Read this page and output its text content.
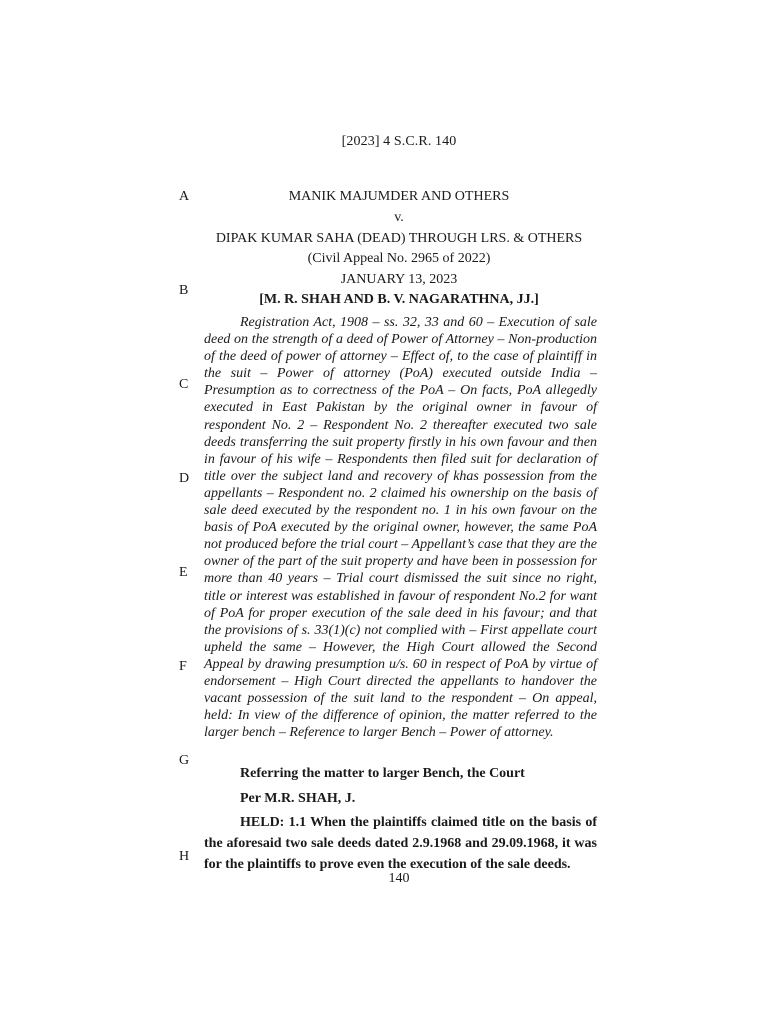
[2023] 4 S.C.R. 140
A
B
C
D
E
F
G
H
MANIK MAJUMDER AND OTHERS
v.
DIPAK KUMAR SAHA (DEAD) THROUGH LRS. & OTHERS
(Civil Appeal No. 2965 of 2022)
JANUARY 13, 2023
[M. R. SHAH AND B. V. NAGARATHNA, JJ.]
Registration Act, 1908 – ss. 32, 33 and 60 – Execution of sale deed on the strength of a deed of Power of Attorney – Non-production of the deed of power of attorney – Effect of, to the case of plaintiff in the suit – Power of attorney (PoA) executed outside India – Presumption as to correctness of the PoA – On facts, PoA allegedly executed in East Pakistan by the original owner in favour of respondent No. 2 – Respondent No. 2 thereafter executed two sale deeds transferring the suit property firstly in his own favour and then in favour of his wife – Respondents then filed suit for declaration of title over the subject land and recovery of khas possession from the appellants – Respondent no. 2 claimed his ownership on the basis of sale deed executed by the respondent no. 1 in his own favour on the basis of PoA executed by the original owner, however, the same PoA not produced before the trial court – Appellant’s case that they are the owner of the part of the suit property and have been in possession for more than 40 years – Trial court dismissed the suit since no right, title or interest was established in favour of respondent No.2 for want of PoA for proper execution of the sale deed in his favour; and that the provisions of s. 33(1)(c) not complied with – First appellate court upheld the same – However, the High Court allowed the Second Appeal by drawing presumption u/s. 60 in respect of PoA by virtue of endorsement – High Court directed the appellants to handover the vacant possession of the suit land to the respondent – On appeal, held: In view of the difference of opinion, the matter referred to the larger bench – Reference to larger Bench – Power of attorney.
Referring the matter to larger Bench, the Court
Per M.R. SHAH, J.
HELD: 1.1 When the plaintiffs claimed title on the basis of the aforesaid two sale deeds dated 2.9.1968 and 29.09.1968, it was for the plaintiffs to prove even the execution of the sale deeds.
140
